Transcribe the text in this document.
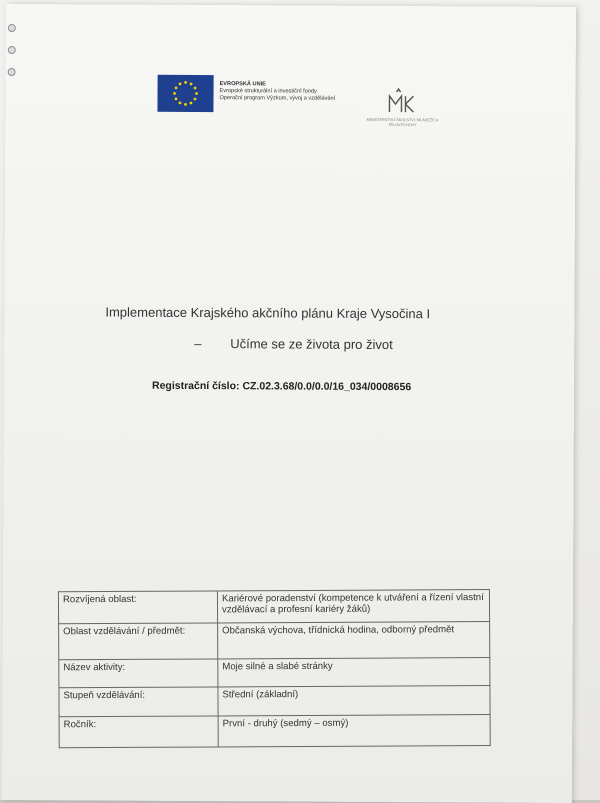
EVROPSKÁ UNIE
Evropské strukturální a investiční fondy
Operační program Výzkum, vývoj a vzdělávání
MINISTERSTVO ŠKOLSTVÍ, MLÁDEŽE A TĚLOVÝCHOVY
Implementace Krajského akčního plánu Kraje Vysočina I
– Učíme se ze života pro život
Registrační číslo: CZ.02.3.68/0.0/0.0/16_034/0008656
Rozvíjená oblast:	Kariérové poradenství (kompetence k utváření a řízení vlastní vzdělávací a profesní kariéry žáků)
Oblast vzdělávání / předmět:	Občanská výchova, třídnická hodina, odborný předmět
Název aktivity:	Moje silné a slabé stránky
Stupeň vzdělávání:	Střední (základní)
Ročník:	První - druhý (sedmý – osmý)
